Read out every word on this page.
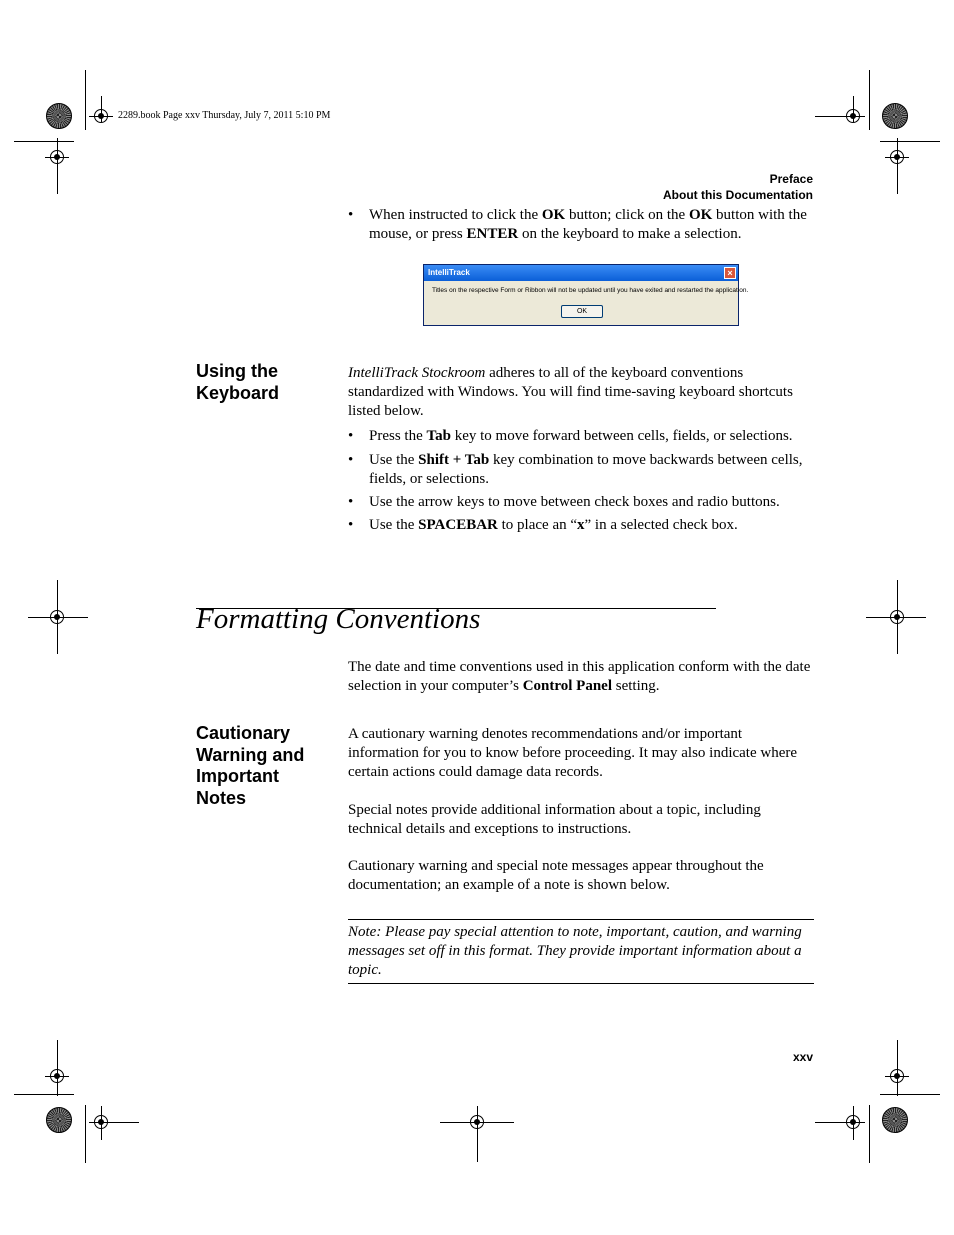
2289.book Page xxv Thursday, July 7, 2011 5:10 PM
Preface
About this Documentation
• When instructed to click the OK button; click on the OK button with the mouse, or press ENTER on the keyboard to make a selection.
IntelliTrack	×
Titles on the respective Form or Ribbon will not be updated until you have exited and restarted the application.
OK
Using the Keyboard
IntelliTrack Stockroom adheres to all of the keyboard conventions standardized with Windows. You will find time-saving keyboard shortcuts listed below.
• Press the Tab key to move forward between cells, fields, or selections.
• Use the Shift + Tab key combination to move backwards between cells, fields, or selections.
• Use the arrow keys to move between check boxes and radio buttons.
• Use the SPACEBAR to place an “x” in a selected check box.
Formatting Conventions
The date and time conventions used in this application conform with the date selection in your computer’s Control Panel setting.
Cautionary Warning and Important Notes
A cautionary warning denotes recommendations and/or important information for you to know before proceeding. It may also indicate where certain actions could damage data records.
Special notes provide additional information about a topic, including technical details and exceptions to instructions.
Cautionary warning and special note messages appear throughout the documentation; an example of a note is shown below.
Note: Please pay special attention to note, important, caution, and warning messages set off in this format. They provide important information about a topic.
xxv
